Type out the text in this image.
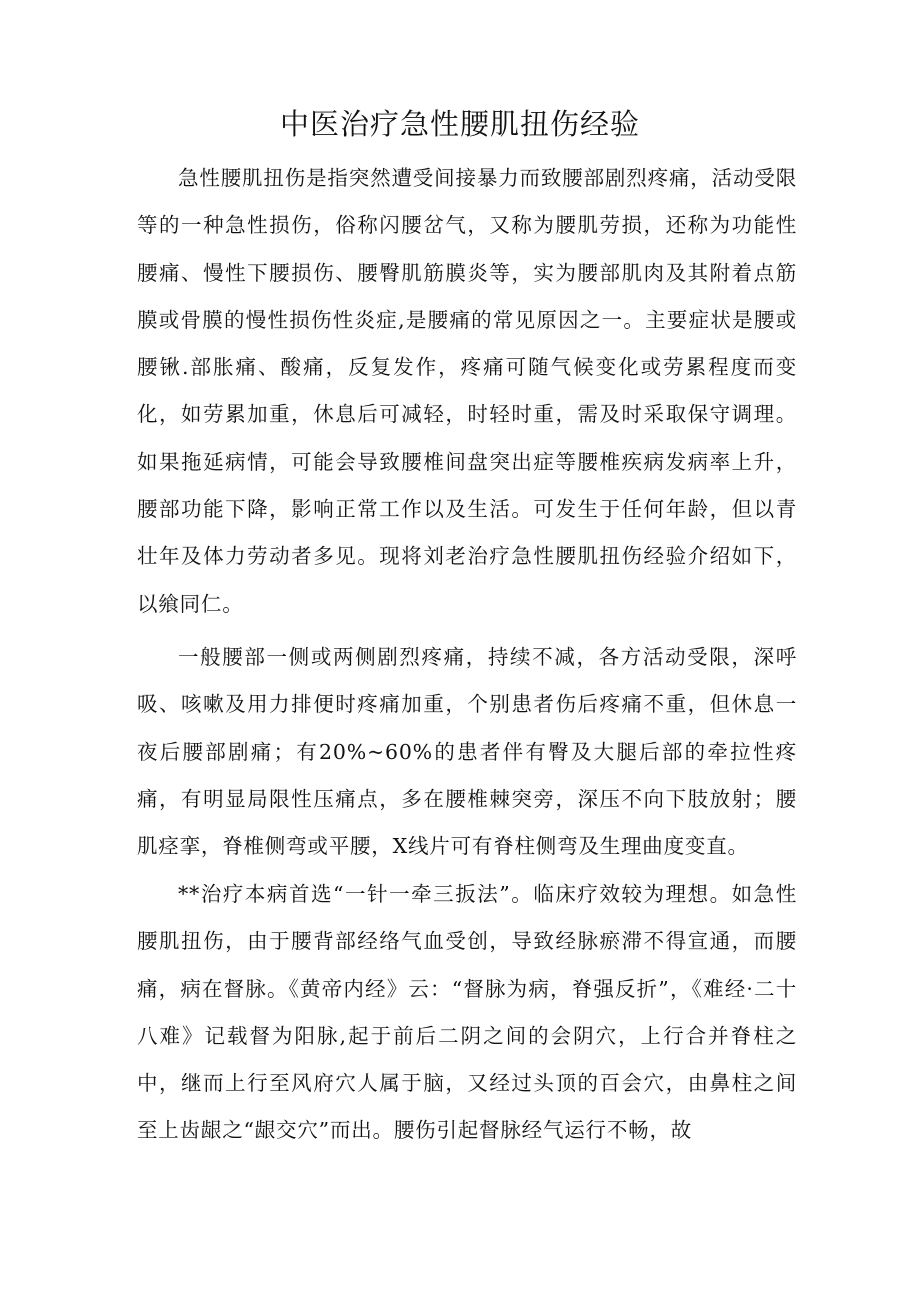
中医治疗急性腰肌扭伤经验

急性腰肌扭伤是指突然遭受间接暴力而致腰部剧烈疼痛，活动受限等的一种急性损伤，俗称闪腰岔气，又称为腰肌劳损，还称为功能性腰痛、慢性下腰损伤、腰臀肌筋膜炎等，实为腰部肌肉及其附着点筋膜或骨膜的慢性损伤性炎症,是腰痛的常见原因之一。主要症状是腰或腰锹.部胀痛、酸痛，反复发作，疼痛可随气候变化或劳累程度而变化，如劳累加重，休息后可减轻，时轻时重，需及时采取保守调理。如果拖延病情，可能会导致腰椎间盘突出症等腰椎疾病发病率上升，腰部功能下降，影响正常工作以及生活。可发生于任何年龄，但以青壮年及体力劳动者多见。现将刘老治疗急性腰肌扭伤经验介绍如下，以飨同仁。

一般腰部一侧或两侧剧烈疼痛，持续不减，各方活动受限，深呼吸、咳嗽及用力排便时疼痛加重，个别患者伤后疼痛不重，但休息一夜后腰部剧痛；有20%~60%的患者伴有臀及大腿后部的牵拉性疼痛，有明显局限性压痛点，多在腰椎棘突旁，深压不向下肢放射；腰肌痉挛，脊椎侧弯或平腰，X线片可有脊柱侧弯及生理曲度变直。

**治疗本病首选“一针一牵三扳法”。临床疗效较为理想。如急性腰肌扭伤，由于腰背部经络气血受创，导致经脉瘀滞不得宣通，而腰痛，病在督脉。《黄帝内经》云：“督脉为病，脊强反折”，《难经·二十八难》记载督为阳脉,起于前后二阴之间的会阴穴，上行合并脊柱之中，继而上行至风府穴人属于脑，又经过头顶的百会穴，由鼻柱之间至上齿龈之“龈交穴”而出。腰伤引起督脉经气运行不畅，故
